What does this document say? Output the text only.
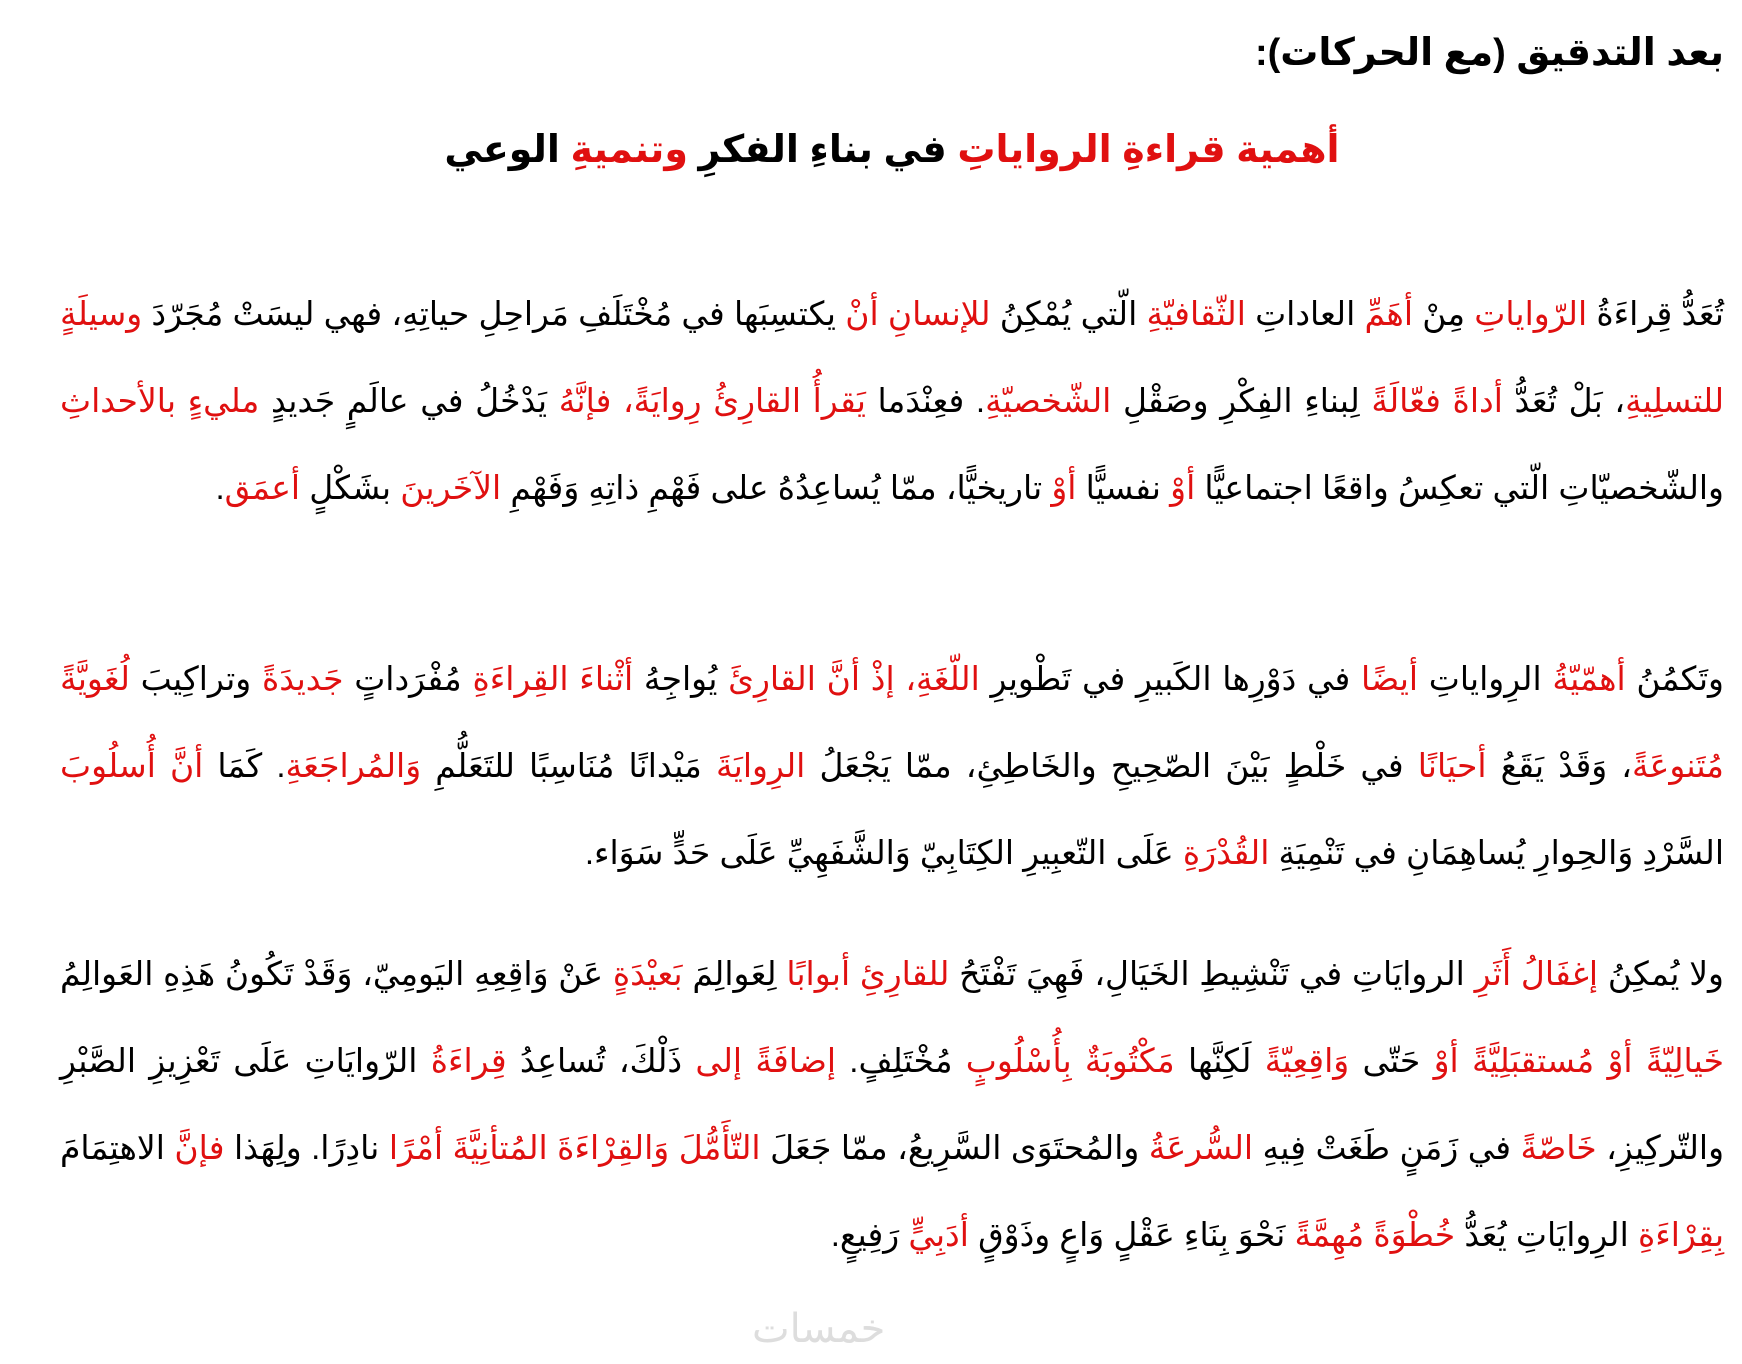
بعد التدقيق (مع الحركات):
أهمية قراءةِ الرواياتِ في بناءِ الفكرِ وتنميةِ الوعي

تُعَدُّ قِراءَةُ الرّواياتِ مِنْ أهَمِّ العاداتِ الثّقافيّةِ الّتي يُمْكِنُ للإنسانِ أنْ يكتسِبَها في مُخْتَلَفِ مَراحِلِ حياتِهِ، فهي ليسَتْ مُجَرّدَ وسيلَةٍ للتسلِيةِ، بَلْ تُعَدُّ أداةً فعّالَةً لِبناءِ الفِكْرِ وصَقْلِ الشّخصيّةِ. فعِنْدَما يَقرأُ القارِئُ رِوايَةً، فإنَّهُ يَدْخُلُ في عالَمٍ جَديدٍ مليءٍ بالأحداثِ والشّخصيّاتِ الّتي تعكِسُ واقعًا اجتماعيًّا أوْ نفسيًّا أوْ تاريخيًّا، ممّا يُساعِدُهُ على فَهْمِ ذاتِهِ وَفَهْمِ الآخَرينَ بشَكْلٍ أعمَق.

وتَكمُنُ أهمّيّةُ الرِواياتِ أيضًا في دَوْرِها الكَبيرِ في تَطْويرِ اللّغَةِ، إذْ أنَّ القارِئَ يُواجِهُ أثْناءَ القِراءَةِ مُفْرَداتٍ جَديدَةً وتراكِيبَ لُغَويَّةً مُتَنوعَةً، وَقَدْ يَقَعُ أحيَانًا في خَلْطٍ بَيْنَ الصّحِيحِ والخَاطِئِ، ممّا يَجْعَلُ الرِوايَةَ مَيْدانًا مُنَاسِبًا للتَعَلُّمِ وَالمُراجَعَةِ. كَمَا أنَّ أُسلُوبَ السَّرْدِ وَالحِوارِ يُساهِمَانِ في تَنْمِيَةِ القُدْرَةِ عَلَى التّعبِيرِ الكِتَابِيّ وَالشَّفَهِيِّ عَلَى حَدٍّ سَوَاء.

ولا يُمكِنُ إغفَالُ أَثَرِ الروايَاتِ في تَنْشِيطِ الخَيَالِ، فَهِيَ تَفْتَحُ للقارِئِ أبوابًا لِعَوالِمَ بَعيْدَةٍ عَنْ وَاقِعِهِ اليَومِيّ، وَقَدْ تَكُونُ هَذِهِ العَوالِمُ خَيالِيّةً أوْ مُستقبَلِيَّةً أوْ حَتّى وَاقِعِيّةً لَكِنَّها مَكْتُوبَةٌ بِأُسْلُوبٍ مُخْتَلِفٍ. إضافَةً إلى ذَلْكَ، تُساعِدُ قِراءَةُ الرّوايَاتِ عَلَى تَعْزِيزِ الصَّبْرِ والتّركِيزِ، خَاصّةً في زَمَنٍ طَغَتْ فِيهِ السُّرعَةُ والمُحتَوَى السَّرِيعُ، ممّا جَعَلَ التّأَمُّلَ وَالقِرْاءَةَ المُتأنِيَّةَ أمْرًا نادِرًا. ولِهَذا فإنَّ الاهتِمَامَ بِقِرْاءَةِ الرِوايَاتِ يُعَدُّ خُطْوَةً مُهِمَّةً نَحْوَ بِنَاءِ عَقْلٍ وَاعٍ وذَوْقٍ أدَبِيٍّ رَفِيعٍ.

خمسات
